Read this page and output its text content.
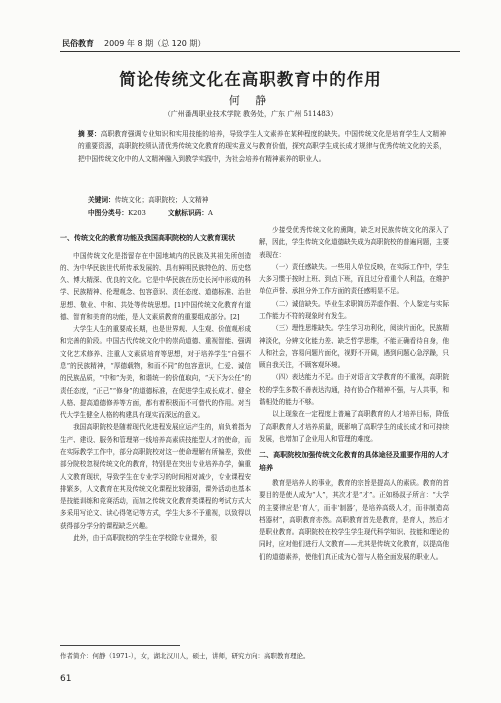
民俗教育 2009 年 8 期（总 120 期）
简论传统文化在高职教育中的作用
何 静
（广州番禺职业技术学院 教务处，广东 广州 511483）
摘 要：高职教育强调专业知识和实用技能的培养，导致学生人文素养在某种程度的缺失。中国传统文化是培育学生人文精神的重要资源，高职院校须认清优秀传统文化教育的现实意义与教育价值，探究高职学生成长成才规律与优秀传统文化的关系，把中国传统文化中的人文精神融入到教学实践中，为社会培养有精神素养的职业人。
关键词：传统文化；高职院校；人文精神
中图分类号：K203	文献标识码：A
一、传统文化的教育功能及我国高职院校的人文教育现状

中国传统文化是指留存在中国地域内的民族及其祖先所创造的、为中华民族世代所传承发展的、具有鲜明民族特色的、历史悠久、博大精深、优良的文化。它是中华民族在历史长河中形成的科学、民族精神、伦理观念、包容意识、责任态度、道德标准、治世思想、敬业、中和、共处等传统思想。[1]中国传统文化教育有道德、智育和美育的功能，是人文素质教育的重要组成部分。[2]

大学生人生的重要成长期，也是世界观、人生观、价值观形成和完善的阶段。中国古代传统文化中的崇尚道德、重视智能、强调文化艺术修养、注重人文素质培育等思想，对于培养学生“自强不息”的民族精神，“厚德载物，和而不同”的包容意识，仁爱、诚信的民族品质，“中和”为美，和谐统一的价值取向，“天下为公任”的责任态度，“正己”“修身”的道德标准，在促进学生成长成才、健全人格、提高道德修养等方面，都有着积极而不可替代的作用。对当代大学生健全人格的构建具有现实而深远的意义。

我国高职院校是随着现代化进程发展应运产生的，肩负着指为生产、建设、服务和管理第一线培养高素质技能型人才的使命，而在实际教学工作中，部分高职院校对这一使命理解有所偏差，致使部分院校忽视传统文化的教育，特别是在突出专业培养办学，偏重人文教育现状，导致学生在专业学习的时间相对减少，专业课程安排繁多，人文教育在其及传统文化课程比较薄弱，课外活动也基本是技能训练和竞赛活动，而加之传统文化教育类课程的考试方式大多采用写论文、读心得笔记等方式，学生大多不予重视，以致得以获得部分学分的课程缺乏兴趣。

此外，由于高职院校的学生在学校除专业课外，很

少接受优秀传统文化的熏陶，缺乏对民族传统文化的深入了解，因此，学生传统文化道德缺失成为高职院校的普遍问题，主要表现在：

（一）责任感缺失。一些用人单位反映，在实际工作中，学生大多习惯于按时上班、到点下班，而且过分看重个人利益，在维护单位声誉、承担分外工作方面的责任感明显不足。

（二）诚信缺失。毕业生求职简历弄虚作假、个人鉴定与实际工作能力不符的现象时有发生。

（三）理性思维缺失。学生学习功利化，阅读片面化，民族精神淡化，分辨文化能力差、缺乏哲学思维，不能正确看待自身，他人和社会，容易问题片面化，视野不开阔，遇到问题心急浮躁，只顾自我关注，不顾客观环境。

（四）表达能力不足。由于对语言文学教育的不重视，高职院校的学生多数不善表达沟通，持有协合作精神不强，与人共事，和谐相处的能力不够。

以上现象在一定程度上普遍了高职教育的人才培养目标，降低了高职教育人才培养质量，既影响了高职学生的成长成才和可持续发展，也增加了企业用人和管理的难度。

二、高职院校加强传统文化教育的具体途径及重要作用的人才培养

教育是培养人的事业，教育的宗旨是提高人的素质。教育的首要目的是使人成为“人”，其次才是“才”。正如杨叔子所言：“大学的主要律应是‘育人’，而非‘制器’，是培养高级人才，而非制造高档器材”，高职教育亦然。高职教育首先是教育，是育人，然后才是职业教育。高职院校在校学生学生现代科学知识、技能和理论的同时，应对他们进行人文教育——尤其是传统文化教育，以提高他们的道德素养，使他们真正成为心智与人格全面发展的职业人。

作者简介：何静（1971-），女，湖北汉川人，硕士，讲师，研究方向：高职教育理论。
61
